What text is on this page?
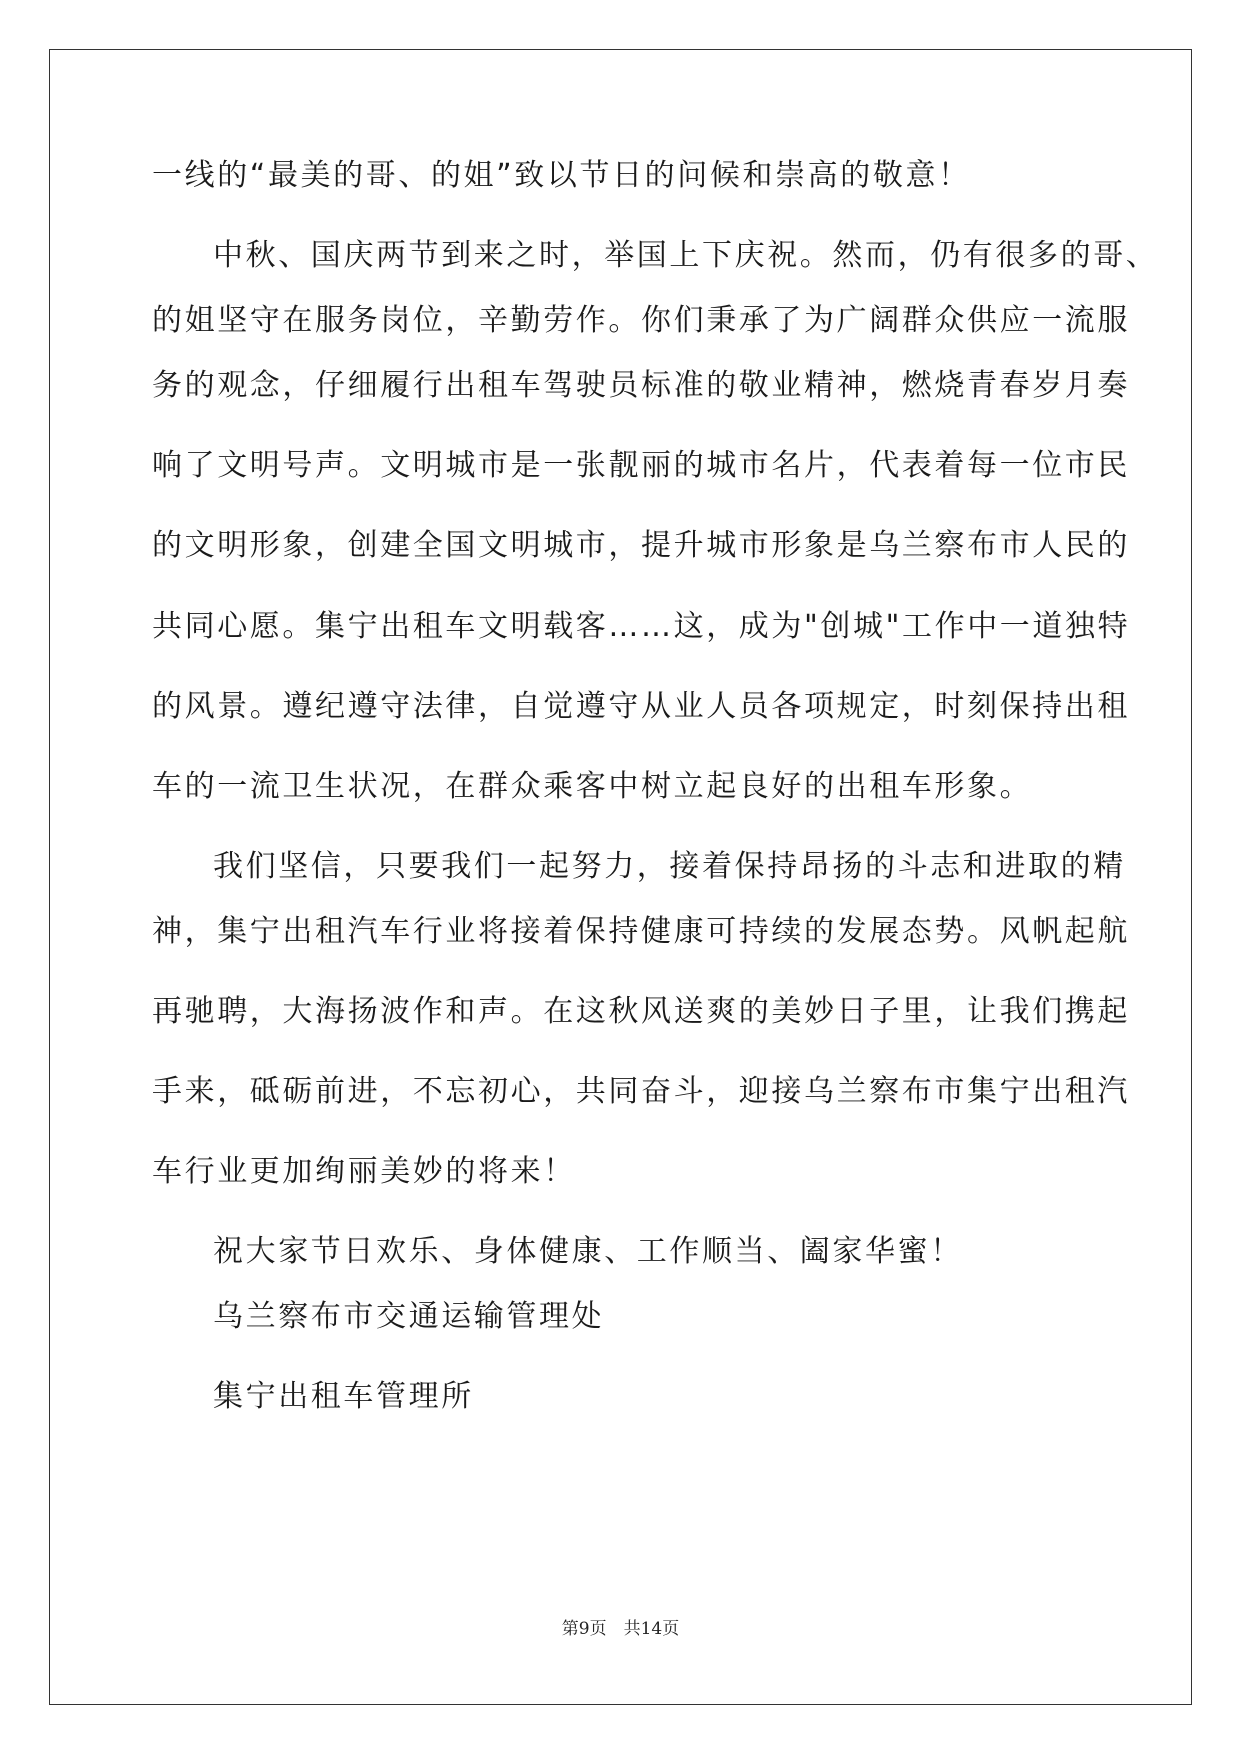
一线的“最美的哥、的姐”致以节日的问候和崇高的敬意！
中秋、国庆两节到来之时，举国上下庆祝。然而，仍有很多的哥、
的姐坚守在服务岗位，辛勤劳作。你们秉承了为广阔群众供应一流服
务的观念，仔细履行出租车驾驶员标准的敬业精神，燃烧青春岁月奏
响了文明号声。文明城市是一张靓丽的城市名片，代表着每一位市民
的文明形象，创建全国文明城市，提升城市形象是乌兰察布市人民的
共同心愿。集宁出租车文明载客……这，成为"创城"工作中一道独特
的风景。遵纪遵守法律，自觉遵守从业人员各项规定，时刻保持出租
车的一流卫生状况，在群众乘客中树立起良好的出租车形象。
我们坚信，只要我们一起努力，接着保持昂扬的斗志和进取的精
神，集宁出租汽车行业将接着保持健康可持续的发展态势。风帆起航
再驰聘，大海扬波作和声。在这秋风送爽的美妙日子里，让我们携起
手来，砥砺前进，不忘初心，共同奋斗，迎接乌兰察布市集宁出租汽
车行业更加绚丽美妙的将来！
祝大家节日欢乐、身体健康、工作顺当、阖家华蜜！
乌兰察布市交通运输管理处
集宁出租车管理所
第9页　共14页
